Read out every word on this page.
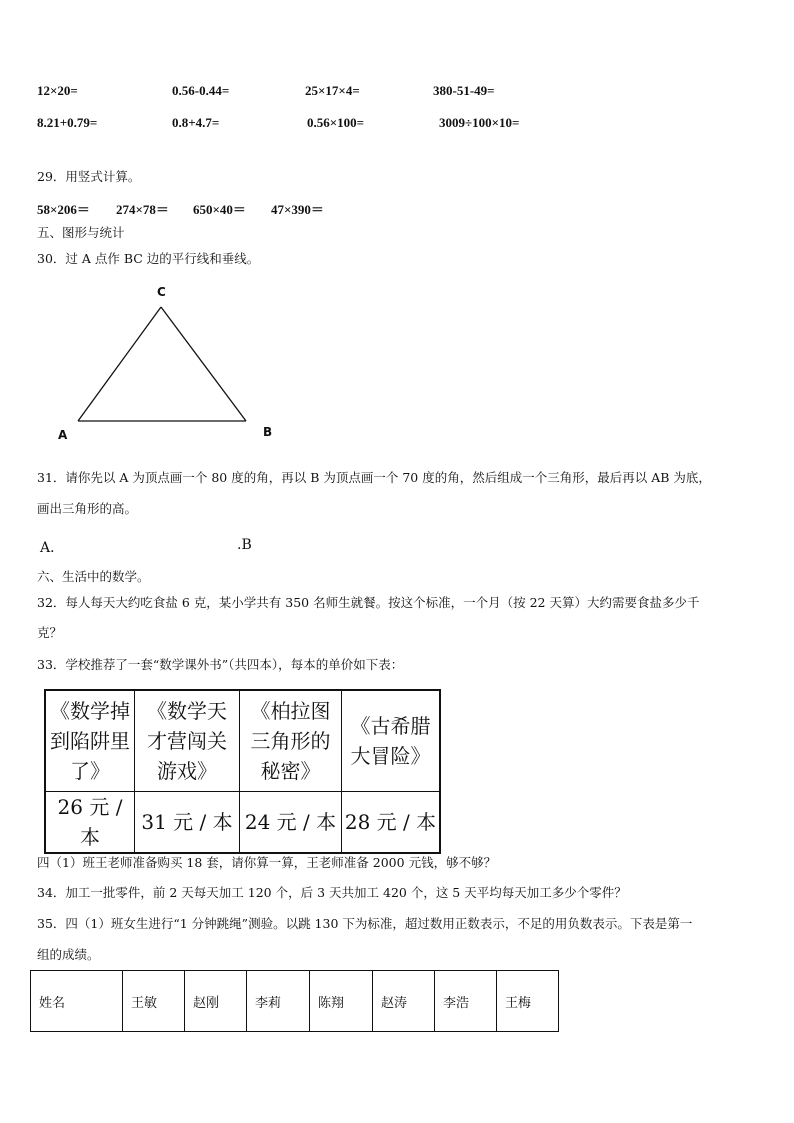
12×20=	0.56-0.44=	25×17×4=	380-51-49=
8.21+0.79=	0.8+4.7=	0.56×100=	3009÷100×10=
29．用竖式计算。
58×206＝ 274×78＝ 650×40＝ 47×390＝
五、图形与统计
30．过 A 点作 BC 边的平行线和垂线。
C
A	B
31．请你先以 A 为顶点画一个 80 度的角，再以 B 为顶点画一个 70 度的角，然后组成一个三角形，最后再以 AB 为底，
画出三角形的高。
A．	.B
六、生活中的数学。
32．每人每天大约吃食盐 6 克，某小学共有 350 名师生就餐。按这个标准，一个月（按 22 天算）大约需要食盐多少千
克？
33．学校推荐了一套“数学课外书”（共四本），每本的单价如下表：
《数学掉到陷阱里了》	《数学天才营闯关游戏》	《柏拉图三角形的秘密》	《古希腊大冒险》

26 元 / 本	31 元 / 本	24 元 / 本	28 元 / 本
四（1）班王老师准备购买 18 套，请你算一算，王老师准备 2000 元钱，够不够？
34．加工一批零件，前 2 天每天加工 120 个，后 3 天共加工 420 个，这 5 天平均每天加工多少个零件？
35．四（1）班女生进行“1 分钟跳绳”测验。以跳 130 下为标准，超过数用正数表示，不足的用负数表示。下表是第一
组的成绩。
姓名	王敏	赵刚	李莉	陈翔	赵涛	李浩	王梅
